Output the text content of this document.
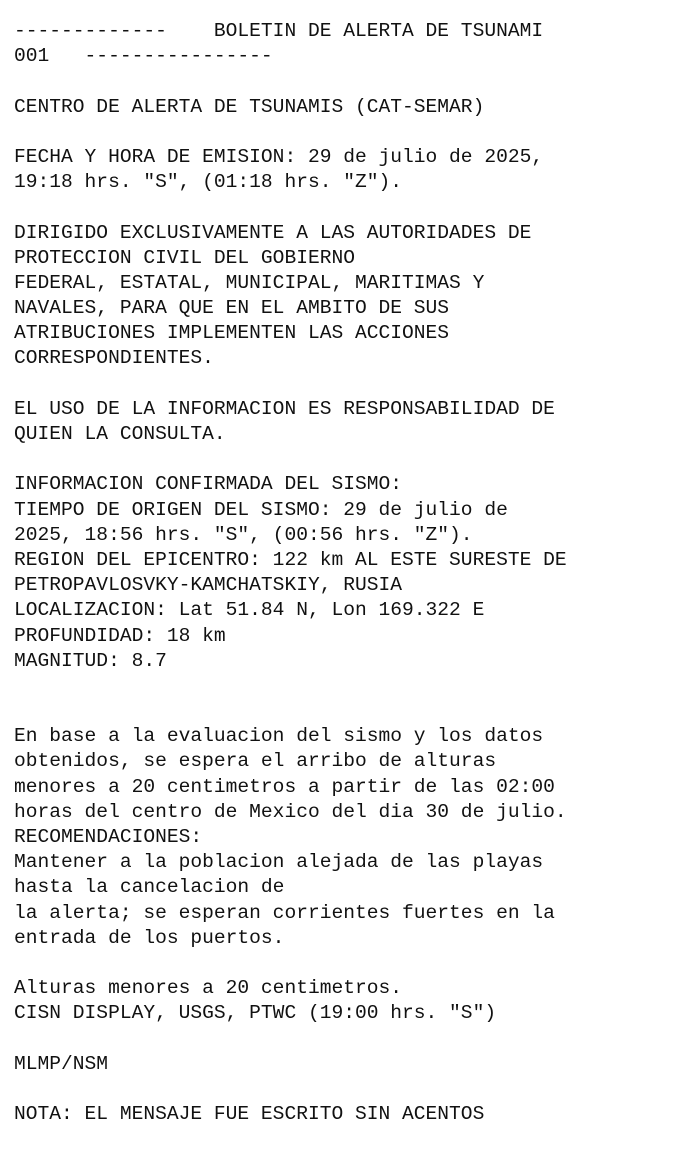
-------------    BOLETIN DE ALERTA DE TSUNAMI
001   ----------------
CENTRO DE ALERTA DE TSUNAMIS (CAT-SEMAR)
FECHA Y HORA DE EMISION: 29 de julio de 2025,
19:18 hrs. "S", (01:18 hrs. "Z").
DIRIGIDO EXCLUSIVAMENTE A LAS AUTORIDADES DE
PROTECCION CIVIL DEL GOBIERNO
FEDERAL, ESTATAL, MUNICIPAL, MARITIMAS Y
NAVALES, PARA QUE EN EL AMBITO DE SUS
ATRIBUCIONES IMPLEMENTEN LAS ACCIONES
CORRESPONDIENTES.
EL USO DE LA INFORMACION ES RESPONSABILIDAD DE
QUIEN LA CONSULTA.
INFORMACION CONFIRMADA DEL SISMO:
TIEMPO DE ORIGEN DEL SISMO: 29 de julio de
2025, 18:56 hrs. "S", (00:56 hrs. "Z").
REGION DEL EPICENTRO: 122 km AL ESTE SURESTE DE
PETROPAVLOSVKY-KAMCHATSKIY, RUSIA
LOCALIZACION: Lat 51.84 N, Lon 169.322 E
PROFUNDIDAD: 18 km
MAGNITUD: 8.7
En base a la evaluacion del sismo y los datos
obtenidos, se espera el arribo de alturas
menores a 20 centimetros a partir de las 02:00
horas del centro de Mexico del dia 30 de julio.
RECOMENDACIONES:
Mantener a la poblacion alejada de las playas
hasta la cancelacion de
la alerta; se esperan corrientes fuertes en la
entrada de los puertos.
Alturas menores a 20 centimetros.
CISN DISPLAY, USGS, PTWC (19:00 hrs. "S")
MLMP/NSM
NOTA: EL MENSAJE FUE ESCRITO SIN ACENTOS
